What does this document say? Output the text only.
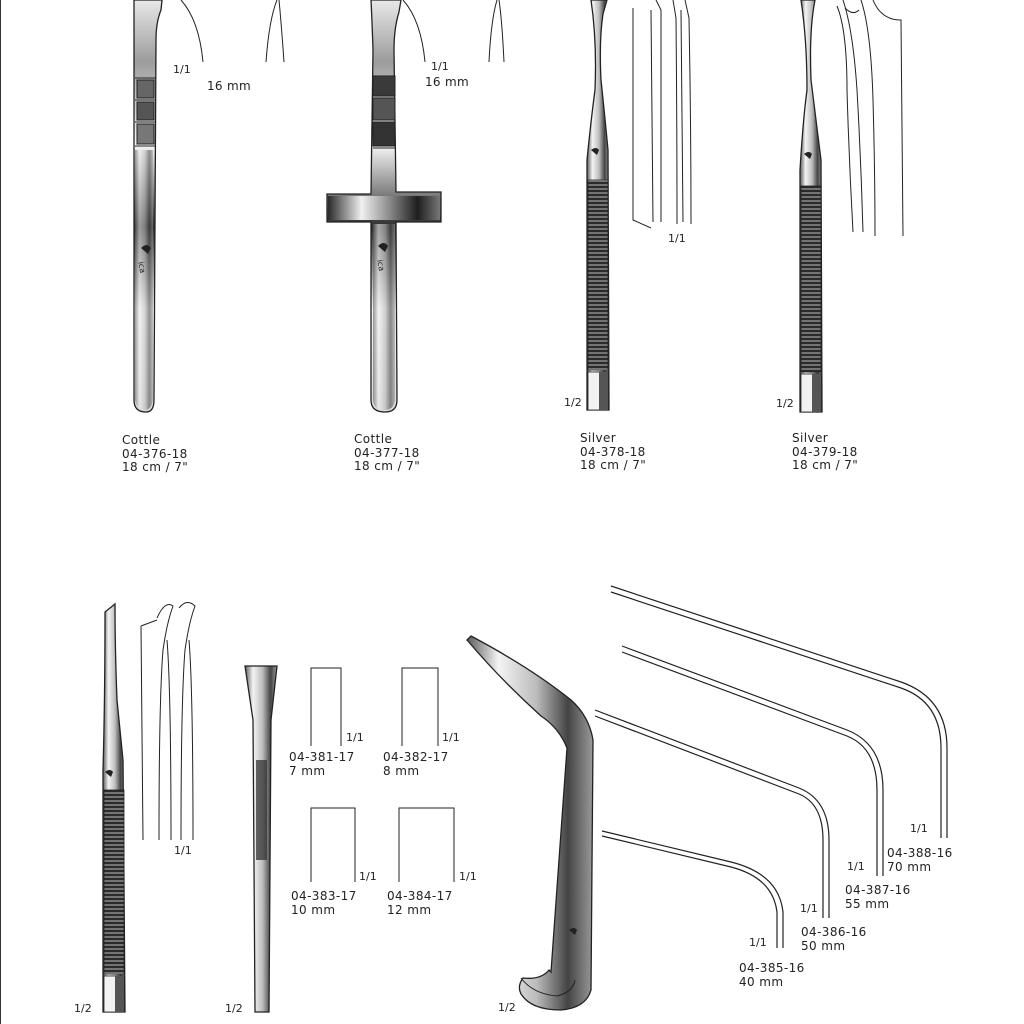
ica	ica
1/1
16 mm
1/1
16 mm
1/1
1/2	1/2
Cottle
04-376-18
18 cm / 7"
Cottle
04-377-18
18 cm / 7"
Silver
04-378-18
18 cm / 7"
Silver
04-379-18
18 cm / 7"
1/1
1/2	1/2	1/2
1/1
04-381-17
7 mm
1/1
04-382-17
8 mm
1/1
04-383-17
10 mm
1/1
04-384-17
12 mm
1/1
04-385-16
40 mm
1/1
04-386-16
50 mm
1/1
04-387-16
55 mm
1/1
04-388-16
70 mm
